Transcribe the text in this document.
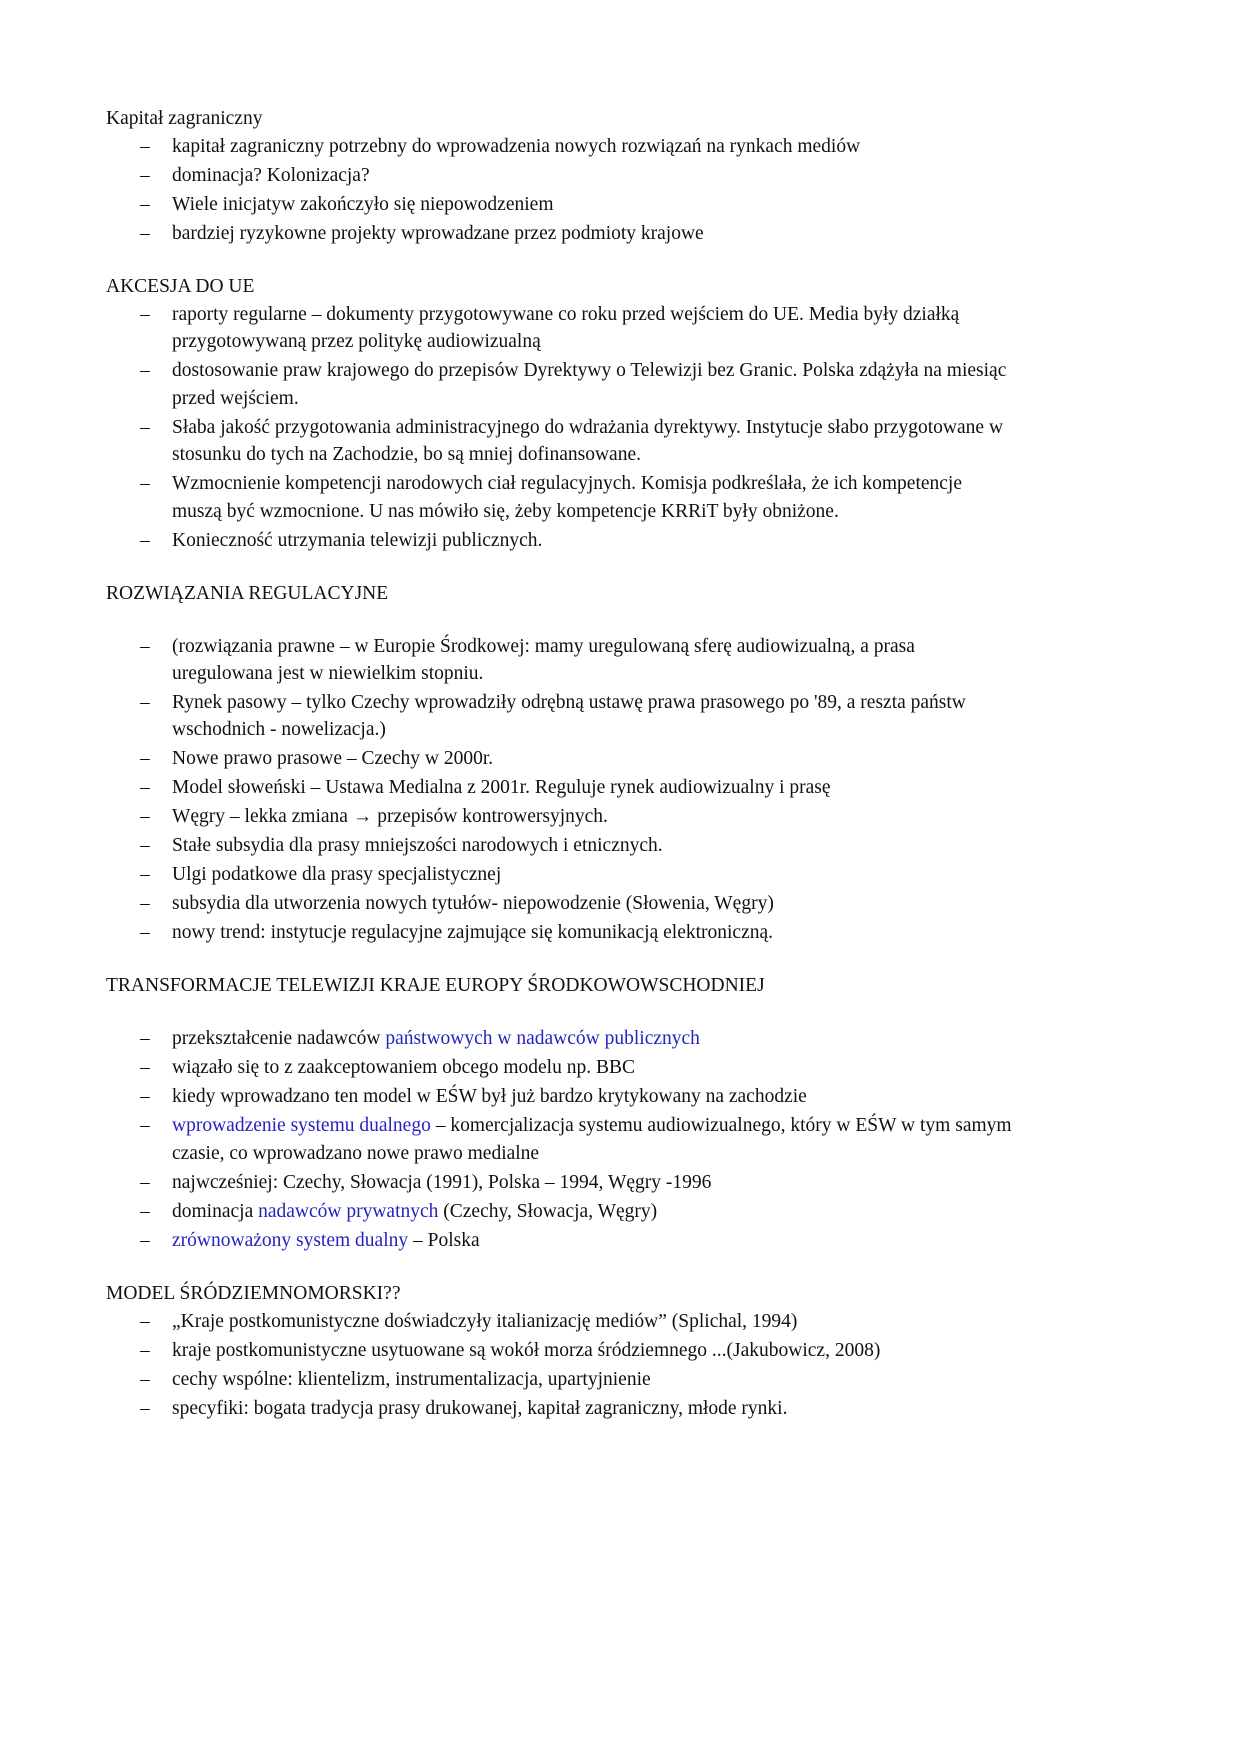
Kapitał zagraniczny

– kapitał zagraniczny potrzebny do wprowadzenia nowych rozwiązań na rynkach mediów
– dominacja? Kolonizacja?
– Wiele inicjatyw zakończyło się niepowodzeniem
– bardziej ryzykowne projekty wprowadzane przez podmioty krajowe

AKCESJA DO UE

– raporty regularne – dokumenty przygotowywane co roku przed wejściem do UE. Media były działką przygotowywaną przez politykę audiowizualną
– dostosowanie praw krajowego do przepisów Dyrektywy o Telewizji bez Granic. Polska zdążyła na miesiąc przed wejściem.
– Słaba jakość przygotowania administracyjnego do wdrażania dyrektywy. Instytucje słabo przygotowane w stosunku do tych na Zachodzie, bo są mniej dofinansowane.
– Wzmocnienie kompetencji narodowych ciał regulacyjnych. Komisja podkreślała, że ich kompetencje muszą być wzmocnione. U nas mówiło się, żeby kompetencje KRRiT były obniżone.
– Konieczność utrzymania telewizji publicznych.

ROZWIĄZANIA REGULACYJNE

– (rozwiązania prawne – w Europie Środkowej: mamy uregulowaną sferę audiowizualną, a prasa uregulowana jest w niewielkim stopniu.
– Rynek pasowy – tylko Czechy wprowadziły odrębną ustawę prawa prasowego po '89, a reszta państw wschodnich - nowelizacja.)
– Nowe prawo prasowe – Czechy w 2000r.
– Model słoweński – Ustawa Medialna z 2001r. Reguluje rynek audiowizualny i prasę
– Węgry – lekka zmiana → przepisów kontrowersyjnych.
– Stałe subsydia dla prasy mniejszości narodowych i etnicznych.
– Ulgi podatkowe dla prasy specjalistycznej
– subsydia dla utworzenia nowych tytułów- niepowodzenie (Słowenia, Węgry)
– nowy trend: instytucje regulacyjne zajmujące się komunikacją elektroniczną.

TRANSFORMACJE TELEWIZJI KRAJE EUROPY ŚRODKOWOWSCHODNIEJ

– przekształcenie nadawców państwowych w nadawców publicznych
– wiązało się to z zaakceptowaniem obcego modelu np. BBC
– kiedy wprowadzano ten model w EŚW był już bardzo krytykowany na zachodzie
– wprowadzenie systemu dualnego – komercjalizacja systemu audiowizualnego, który w EŚW w tym samym czasie, co wprowadzano nowe prawo medialne
– najwcześniej: Czechy, Słowacja (1991), Polska – 1994, Węgry -1996
– dominacja nadawców prywatnych (Czechy, Słowacja, Węgry)
– zrównoważony system dualny – Polska

MODEL ŚRÓDZIEMNOMORSKI??

– „Kraje postkomunistyczne doświadczyły italianizację mediów” (Splichal, 1994)
– kraje postkomunistyczne usytuowane są wokół morza śródziemnego ...(Jakubowicz, 2008)
– cechy wspólne: klientelizm, instrumentalizacja, upartyjnienie
– specyfiki: bogata tradycja prasy drukowanej, kapitał zagraniczny, młode rynki.
